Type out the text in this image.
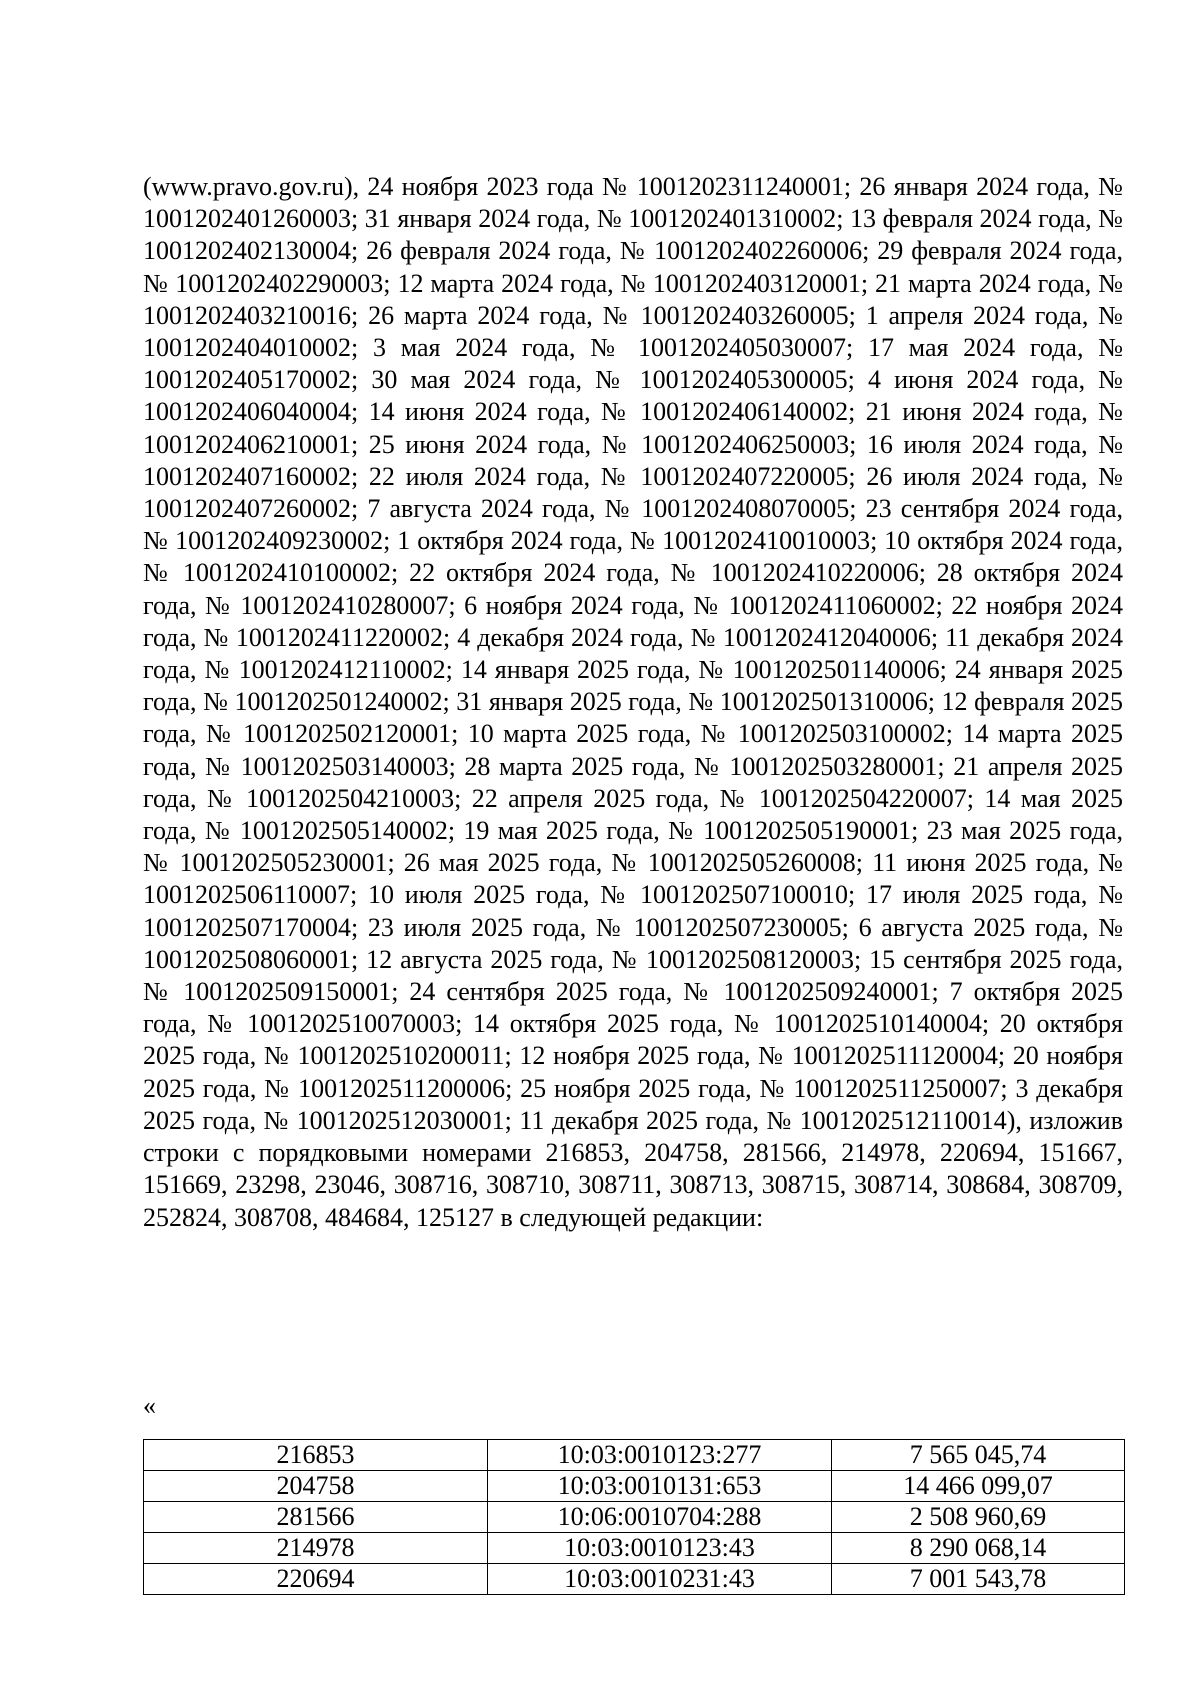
(www.pravo.gov.ru), 24 ноября 2023 года № 1001202311240001; 26 января 2024 года, № 1001202401260003; 31 января 2024 года, № 1001202401310002; 13 февраля 2024 года, № 1001202402130004; 26 февраля 2024 года, № 1001202402260006; 29 февраля 2024 года, № 1001202402290003; 12 марта 2024 года, № 1001202403120001; 21 марта 2024 года, № 1001202403210016; 26 марта 2024 года, № 1001202403260005; 1 апреля 2024 года, № 1001202404010002; 3 мая 2024 года, № 1001202405030007; 17 мая 2024 года, № 1001202405170002; 30 мая 2024 года, № 1001202405300005; 4 июня 2024 года, № 1001202406040004; 14 июня 2024 года, № 1001202406140002; 21 июня 2024 года, № 1001202406210001; 25 июня 2024 года, № 1001202406250003; 16 июля 2024 года, № 1001202407160002; 22 июля 2024 года, № 1001202407220005; 26 июля 2024 года, № 1001202407260002; 7 августа 2024 года, № 1001202408070005; 23 сентября 2024 года, № 1001202409230002; 1 октября 2024 года, № 1001202410010003; 10 октября 2024 года, № 1001202410100002; 22 октября 2024 года, № 1001202410220006; 28 октября 2024 года, № 1001202410280007; 6 ноября 2024 года, № 1001202411060002; 22 ноября 2024 года, № 1001202411220002; 4 декабря 2024 года, № 1001202412040006; 11 декабря 2024 года, № 1001202412110002; 14 января 2025 года, № 1001202501140006; 24 января 2025 года, № 1001202501240002; 31 января 2025 года, № 1001202501310006; 12 февраля 2025 года, № 1001202502120001; 10 марта 2025 года, № 1001202503100002; 14 марта 2025 года, № 1001202503140003; 28 марта 2025 года, № 1001202503280001; 21 апреля 2025 года, № 1001202504210003; 22 апреля 2025 года, № 1001202504220007; 14 мая 2025 года, № 1001202505140002; 19 мая 2025 года, № 1001202505190001; 23 мая 2025 года, № 1001202505230001; 26 мая 2025 года, № 1001202505260008; 11 июня 2025 года, № 1001202506110007; 10 июля 2025 года, № 1001202507100010; 17 июля 2025 года, № 1001202507170004; 23 июля 2025 года, № 1001202507230005; 6 августа 2025 года, № 1001202508060001; 12 августа 2025 года, № 1001202508120003; 15 сентября 2025 года, № 1001202509150001; 24 сентября 2025 года, № 1001202509240001; 7 октября 2025 года, № 1001202510070003; 14 октября 2025 года, № 1001202510140004; 20 октября 2025 года, № 1001202510200011; 12 ноября 2025 года, № 1001202511120004; 20 ноября 2025 года, № 1001202511200006; 25 ноября 2025 года, № 1001202511250007; 3 декабря 2025 года, № 1001202512030001; 11 декабря 2025 года, № 1001202512110014), изложив строки с порядковыми номерами 216853, 204758, 281566, 214978, 220694, 151667, 151669, 23298, 23046, 308716, 308710, 308711, 308713, 308715, 308714, 308684, 308709, 252824, 308708, 484684, 125127 в следующей редакции:

«
216853	10:03:0010123:277	7 565 045,74
204758	10:03:0010131:653	14 466 099,07
281566	10:06:0010704:288	2 508 960,69
214978	10:03:0010123:43	8 290 068,14
220694	10:03:0010231:43	7 001 543,78
